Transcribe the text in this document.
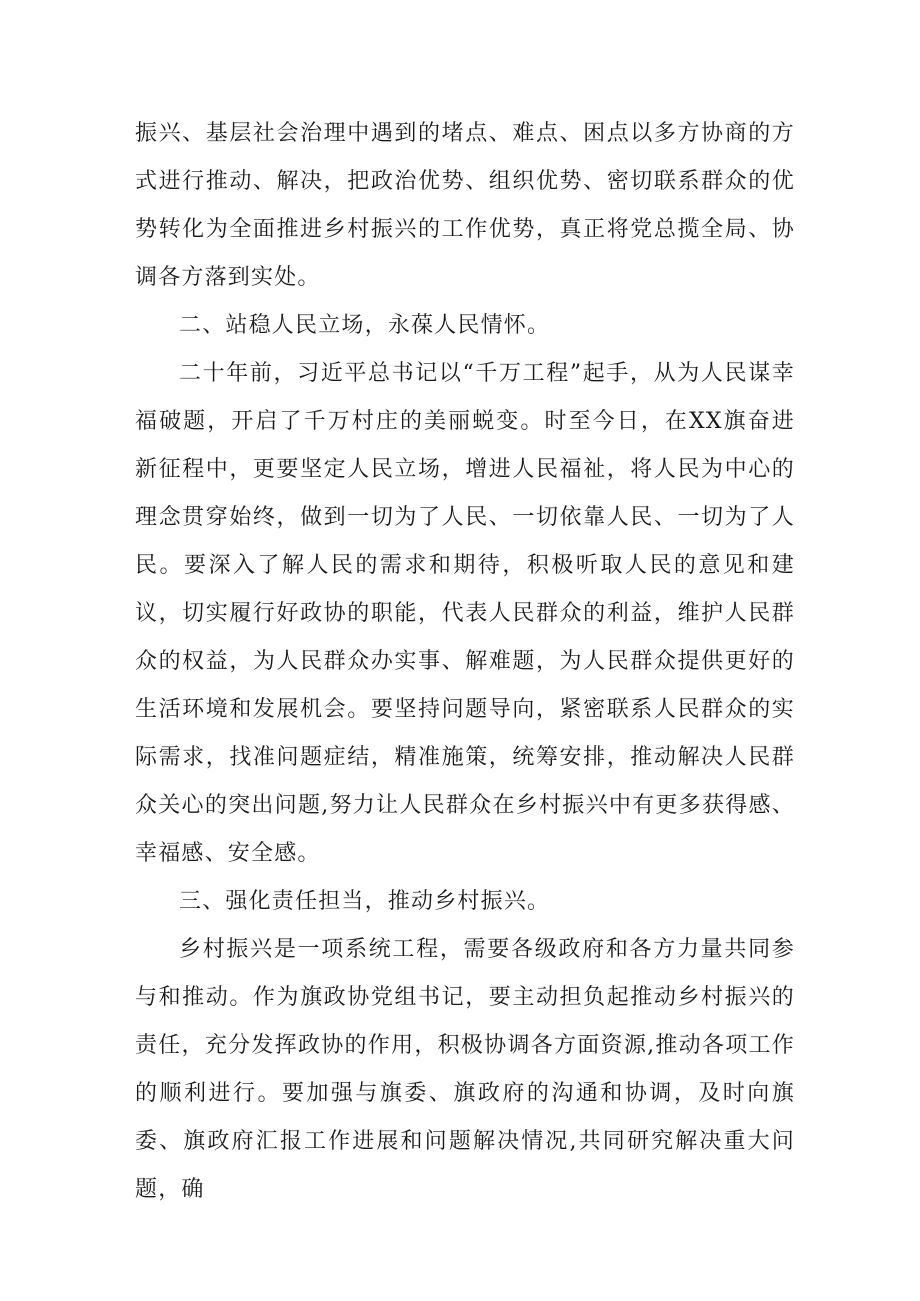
振兴、基层社会治理中遇到的堵点、难点、困点以多方协商的方式进行推动、解决，把政治优势、组织优势、密切联系群众的优势转化为全面推进乡村振兴的工作优势，真正将党总揽全局、协调各方落到实处。

二、站稳人民立场，永葆人民情怀。

二十年前，习近平总书记以“千万工程”起手，从为人民谋幸福破题，开启了千万村庄的美丽蜕变。时至今日，在XX旗奋进新征程中，更要坚定人民立场，增进人民福祉，将人民为中心的理念贯穿始终，做到一切为了人民、一切依靠人民、一切为了人民。要深入了解人民的需求和期待，积极听取人民的意见和建议，切实履行好政协的职能，代表人民群众的利益，维护人民群众的权益，为人民群众办实事、解难题，为人民群众提供更好的生活环境和发展机会。要坚持问题导向，紧密联系人民群众的实际需求，找准问题症结，精准施策，统筹安排，推动解决人民群众关心的突出问题,努力让人民群众在乡村振兴中有更多获得感、幸福感、安全感。

三、强化责任担当，推动乡村振兴。

乡村振兴是一项系统工程，需要各级政府和各方力量共同参与和推动。作为旗政协党组书记，要主动担负起推动乡村振兴的责任，充分发挥政协的作用，积极协调各方面资源,推动各项工作的顺利进行。要加强与旗委、旗政府的沟通和协调，及时向旗委、旗政府汇报工作进展和问题解决情况,共同研究解决重大问题，确
